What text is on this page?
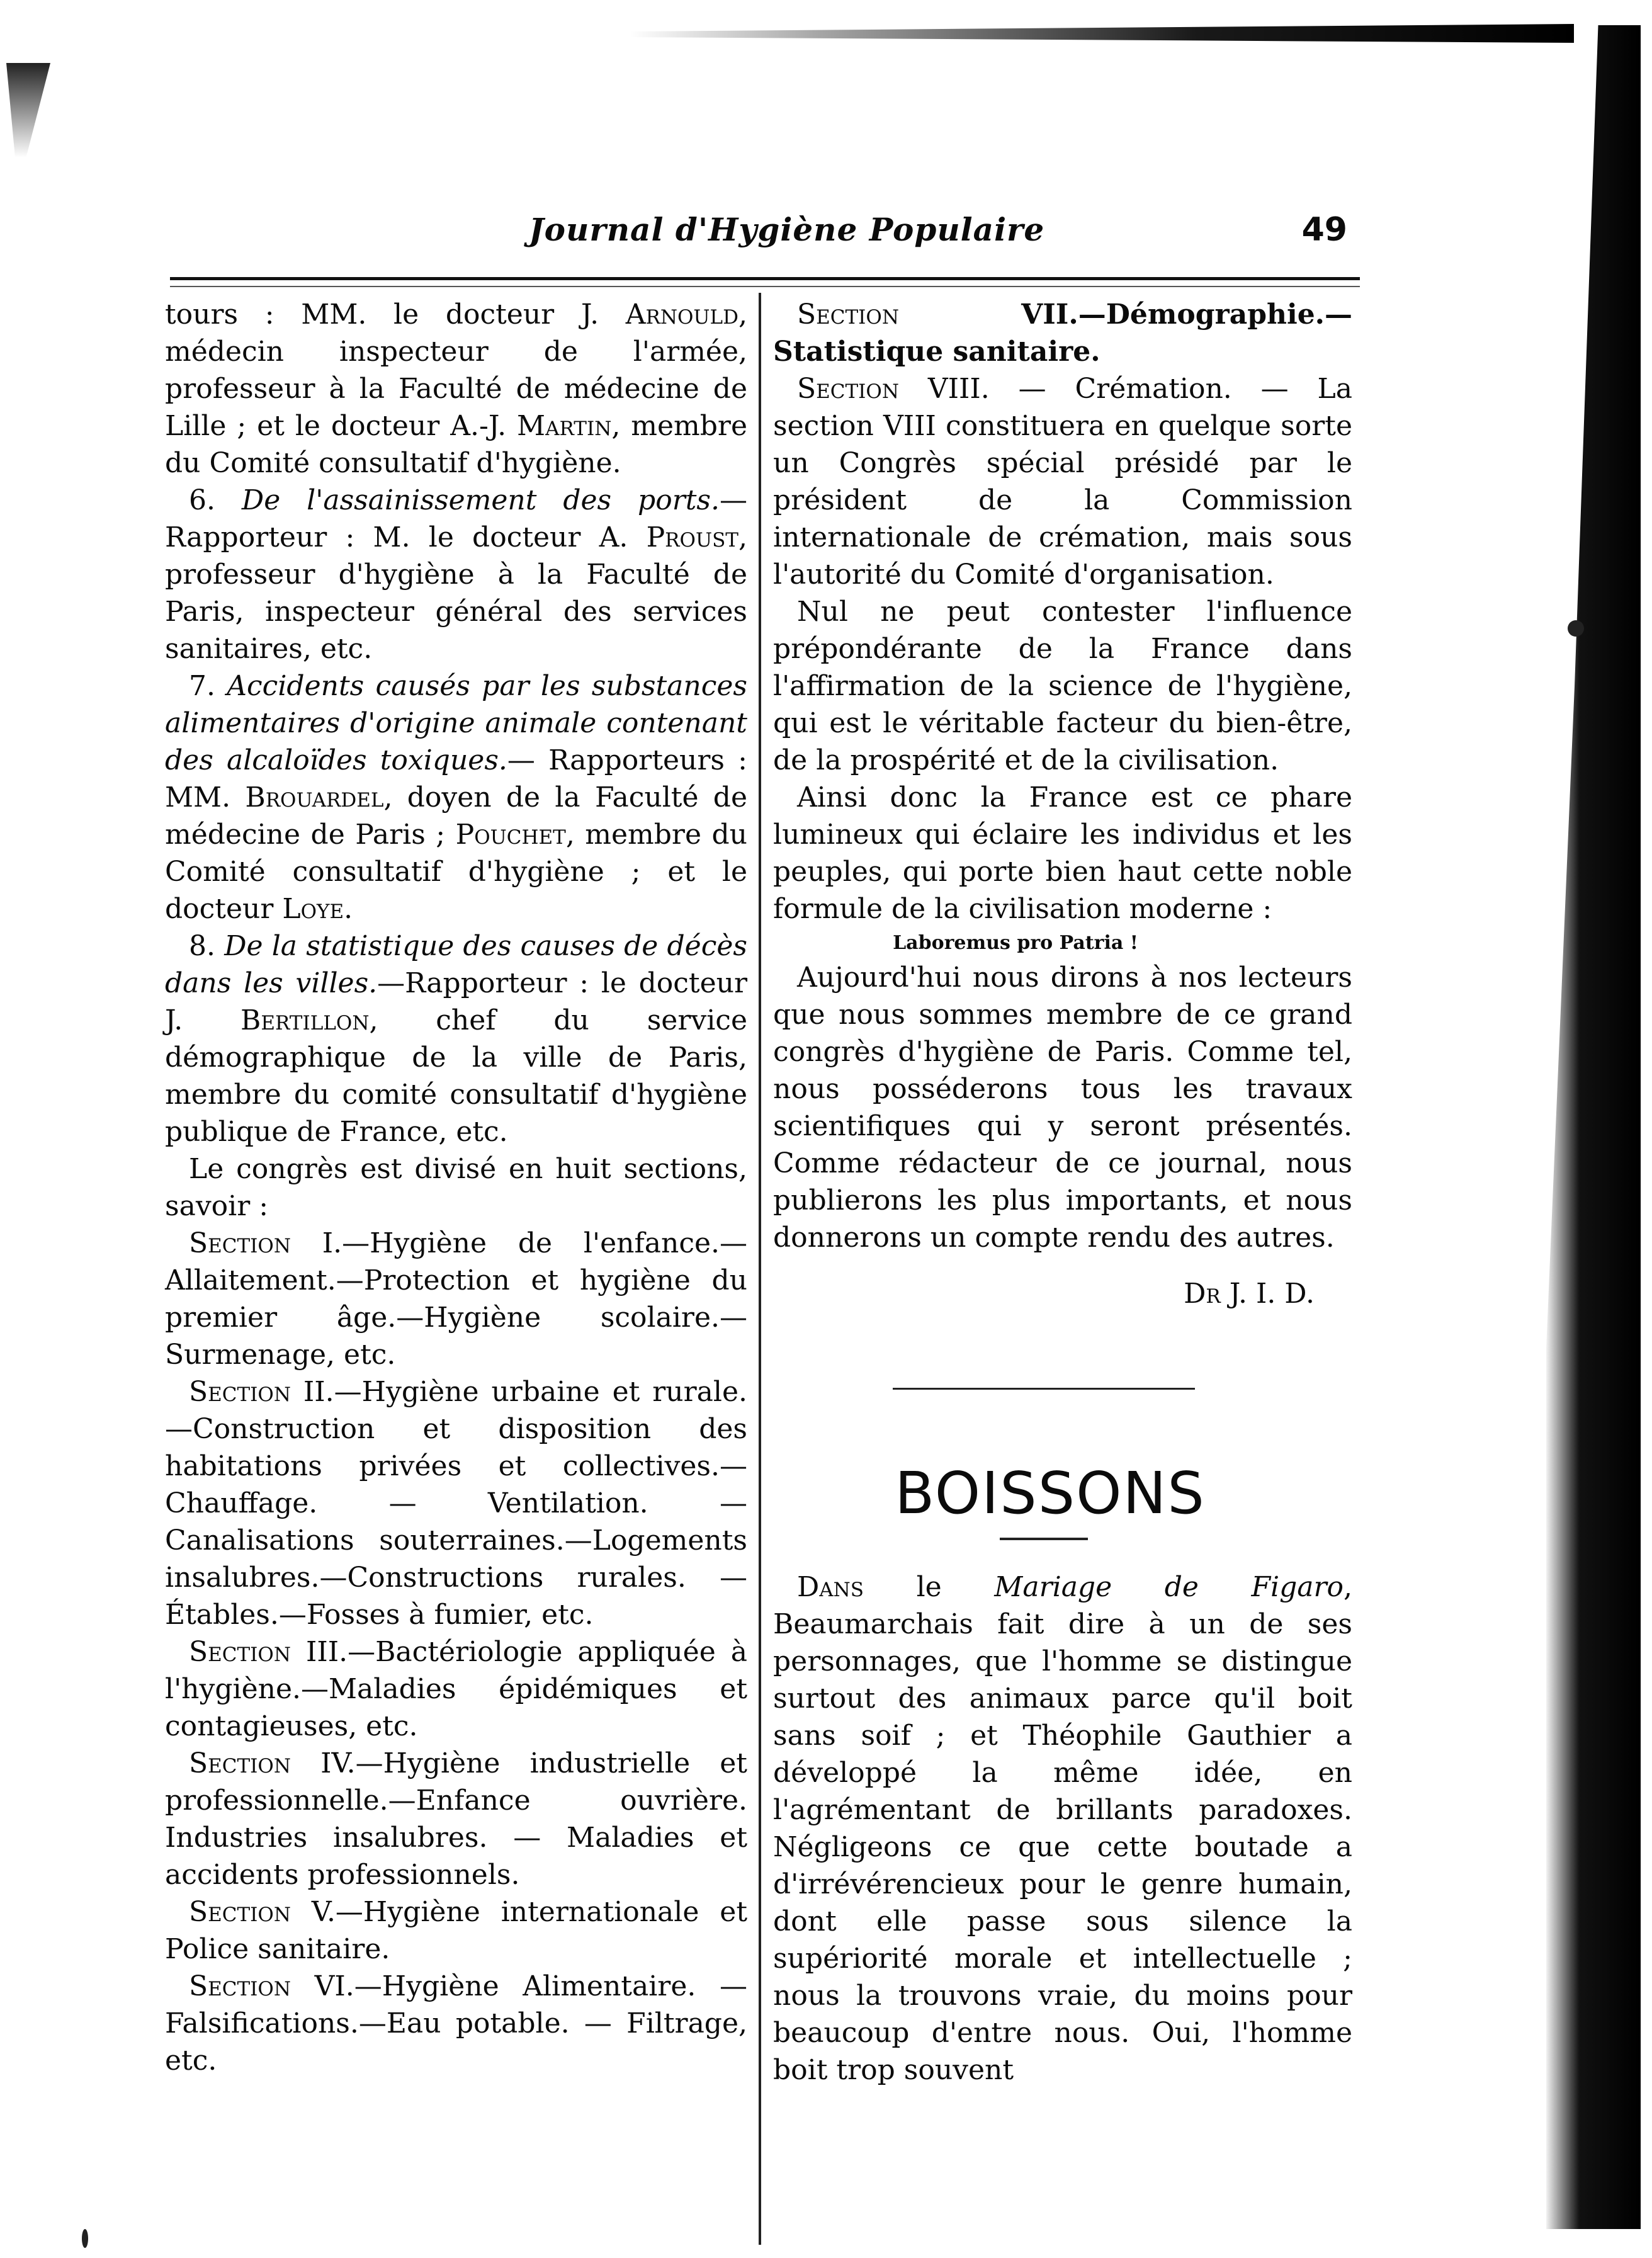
Journal d'Hygiène Populaire	49

tours : MM. le docteur J. Arnould, médecin inspecteur de l'armée, professeur à la Faculté de médecine de Lille ; et le docteur A.-J. Martin, membre du Comité consultatif d'hygiène.

6. De l'assainissement des ports.— Rapporteur : M. le docteur A. Proust, professeur d'hygiène à la Faculté de Paris, inspecteur général des services sanitaires, etc.

7. Accidents causés par les substances alimentaires d'origine animale contenant des alcaloïdes toxiques.— Rapporteurs : MM. Brouardel, doyen de la Faculté de médecine de Paris ; Pouchet, membre du Comité consultatif d'hygiène ; et le docteur Loye.

8. De la statistique des causes de décès dans les villes.—Rapporteur : le docteur J. Bertillon, chef du service démographique de la ville de Paris, membre du comité consultatif d'hygiène publique de France, etc.

Le congrès est divisé en huit sections, savoir :

Section I.—Hygiène de l'enfance.—Allaitement.—Protection et hygiène du premier âge.—Hygiène scolaire.—Surmenage, etc.

Section II.—Hygiène urbaine et rurale.—Construction et disposition des habitations privées et collectives.—Chauffage. — Ventilation. — Canalisations souterraines.—Logements insalubres.—Constructions rurales. — Étables.—Fosses à fumier, etc.

Section III.—Bactériologie appliquée à l'hygiène.—Maladies épidémiques et contagieuses, etc.

Section IV.—Hygiène industrielle et professionnelle.—Enfance ouvrière. Industries insalubres. — Maladies et accidents professionnels.

Section V.—Hygiène internationale et Police sanitaire.

Section VI.—Hygiène Alimentaire. —Falsifications.—Eau potable. — Filtrage, etc.

Section VII.—Démographie.—Statistique sanitaire.

Section VIII. — Crémation. — La section VIII constituera en quelque sorte un Congrès spécial présidé par le président de la Commission internationale de crémation, mais sous l'autorité du Comité d'organisation.

Nul ne peut contester l'influence prépondérante de la France dans l'affirmation de la science de l'hygiène, qui est le véritable facteur du bien-être, de la prospérité et de la civilisation.

Ainsi donc la France est ce phare lumineux qui éclaire les individus et les peuples, qui porte bien haut cette noble formule de la civilisation moderne :

Laboremus pro Patria !

Aujourd'hui nous dirons à nos lecteurs que nous sommes membre de ce grand congrès d'hygiène de Paris. Comme tel, nous posséderons tous les travaux scientifiques qui y seront présentés. Comme rédacteur de ce journal, nous publierons les plus importants, et nous donnerons un compte rendu des autres.

Dr J. I. D.

BOISSONS

Dans le Mariage de Figaro, Beaumarchais fait dire à un de ses personnages, que l'homme se distingue surtout des animaux parce qu'il boit sans soif ; et Théophile Gauthier a développé la même idée, en l'agrémentant de brillants paradoxes. Négligeons ce que cette boutade a d'irrévérencieux pour le genre humain, dont elle passe sous silence la supériorité morale et intellectuelle ; nous la trouvons vraie, du moins pour beaucoup d'entre nous. Oui, l'homme boit trop souvent
